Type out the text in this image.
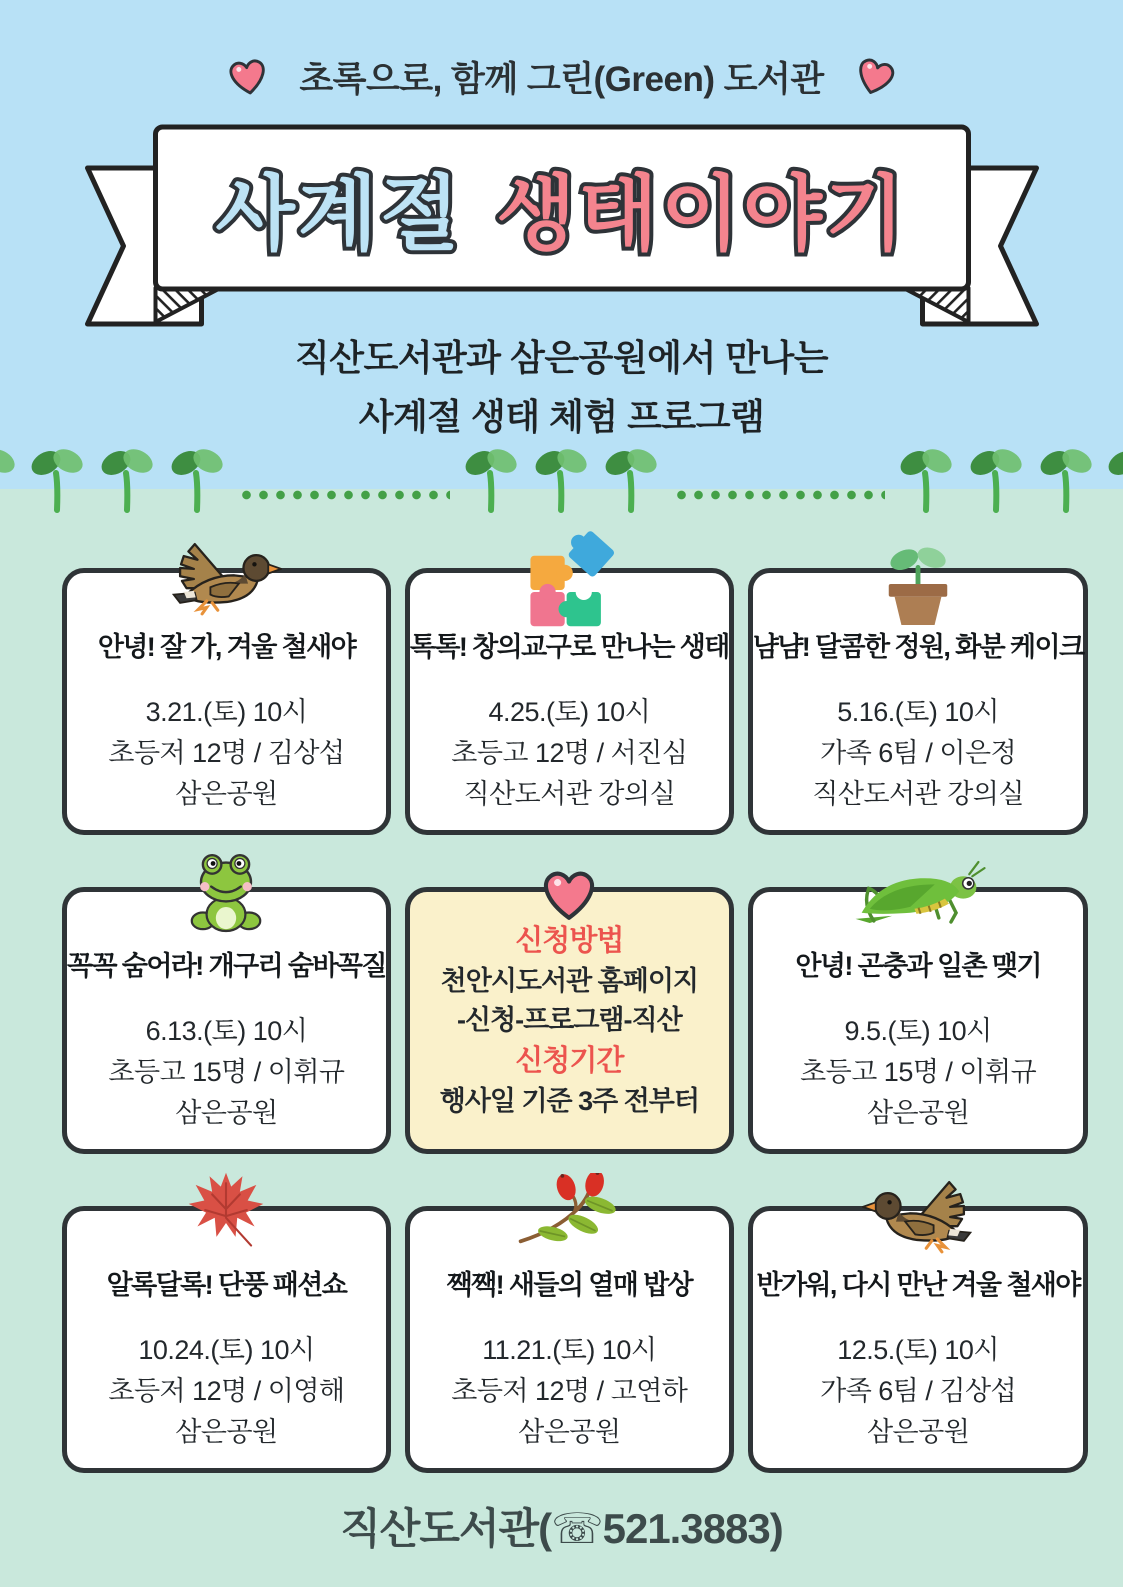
초록으로, 함께 그린(Green) 도서관
사계절 생태이야기
직산도서관과 삼은공원에서 만나는
사계절 생태 체험 프로그램
안녕! 잘 가, 겨울 철새야
3.21.(토) 10시
초등저 12명 / 김상섭
삼은공원
톡톡! 창의교구로 만나는 생태
4.25.(토) 10시
초등고 12명 / 서진심
직산도서관 강의실
냠냠! 달콤한 정원, 화분 케이크
5.16.(토) 10시
가족 6팀 / 이은정
직산도서관 강의실
꼭꼭 숨어라! 개구리 숨바꼭질
6.13.(토) 10시
초등고 15명 / 이휘규
삼은공원
신청방법
천안시도서관 홈페이지
-신청-프로그램-직산
신청기간
행사일 기준 3주 전부터
안녕! 곤충과 일촌 맺기
9.5.(토) 10시
초등고 15명 / 이휘규
삼은공원
알록달록! 단풍 패션쇼
10.24.(토) 10시
초등저 12명 / 이영해
삼은공원
짹짹! 새들의 열매 밥상
11.21.(토) 10시
초등저 12명 / 고연하
삼은공원
반가워, 다시 만난 겨울 철새야
12.5.(토) 10시
가족 6팀 / 김상섭
삼은공원
직산도서관(☏521.3883)
